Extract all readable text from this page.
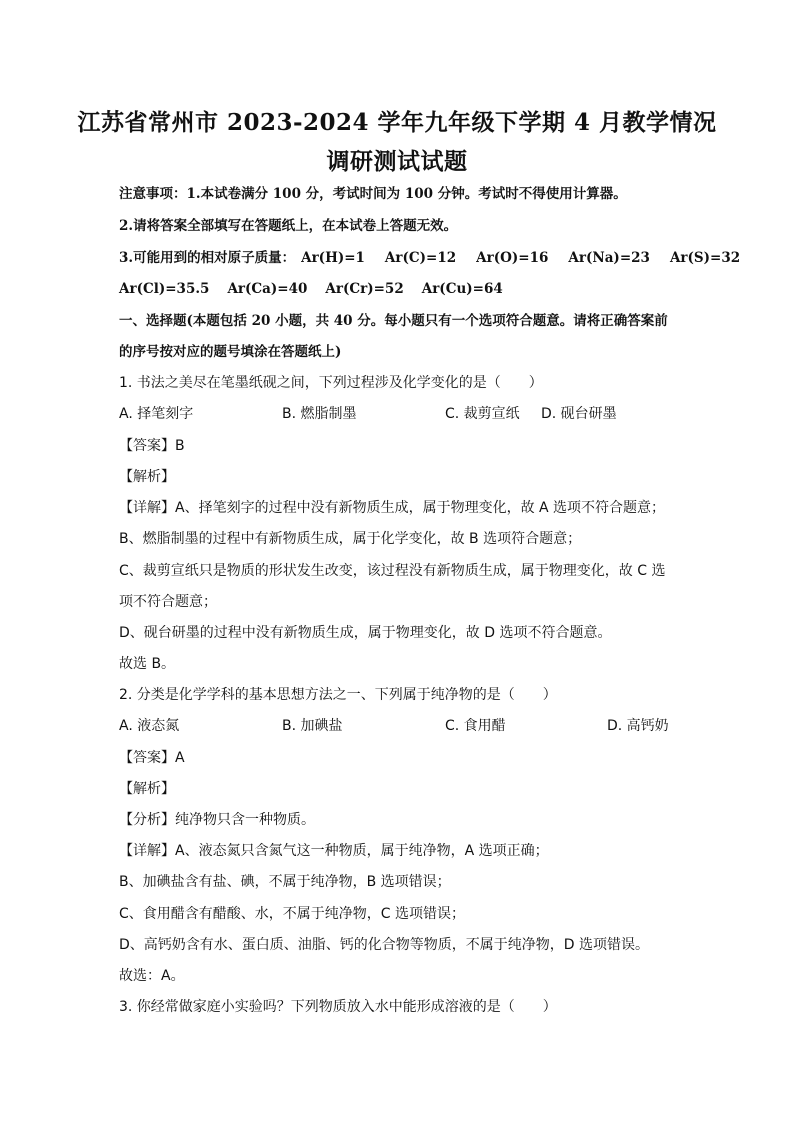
江苏省常州市 2023-2024 学年九年级下学期 4 月教学情况
调研测试试题
注意事项：1.本试卷满分 100 分，考试时间为 100 分钟。考试时不得使用计算器。
2.请将答案全部填写在答题纸上，在本试卷上答题无效。
3.可能用到的相对原子质量： Ar(H)=1 Ar(C)=12 Ar(O)=16 Ar(Na)=23 Ar(S)=32
Ar(Cl)=35.5 Ar(Ca)=40 Ar(Cr)=52 Ar(Cu)=64
一、选择题(本题包括 20 小题，共 40 分。每小题只有一个选项符合题意。请将正确答案前
的序号按对应的题号填涂在答题纸上)
1. 书法之美尽在笔墨纸砚之间，下列过程涉及化学变化的是（　　）
A. 择笔刻字	B. 燃脂制墨	C. 裁剪宣纸 D. 砚台研墨
【答案】B
【解析】
【详解】A、择笔刻字的过程中没有新物质生成，属于物理变化，故 A 选项不符合题意；
B、燃脂制墨的过程中有新物质生成，属于化学变化，故 B 选项符合题意；
C、裁剪宣纸只是物质的形状发生改变，该过程没有新物质生成，属于物理变化，故 C 选
项不符合题意；
D、砚台研墨的过程中没有新物质生成，属于物理变化，故 D 选项不符合题意。
故选 B。
2. 分类是化学学科的基本思想方法之一、下列属于纯净物的是（　　）
A. 液态氮	B. 加碘盐	C. 食用醋	D. 高钙奶
【答案】A
【解析】
【分析】纯净物只含一种物质。
【详解】A、液态氮只含氮气这一种物质，属于纯净物，A 选项正确；
B、加碘盐含有盐、碘，不属于纯净物，B 选项错误；
C、食用醋含有醋酸、水，不属于纯净物，C 选项错误；
D、高钙奶含有水、蛋白质、油脂、钙的化合物等物质，不属于纯净物，D 选项错误。
故选：A。
3. 你经常做家庭小实验吗？下列物质放入水中能形成溶液的是（　　）
